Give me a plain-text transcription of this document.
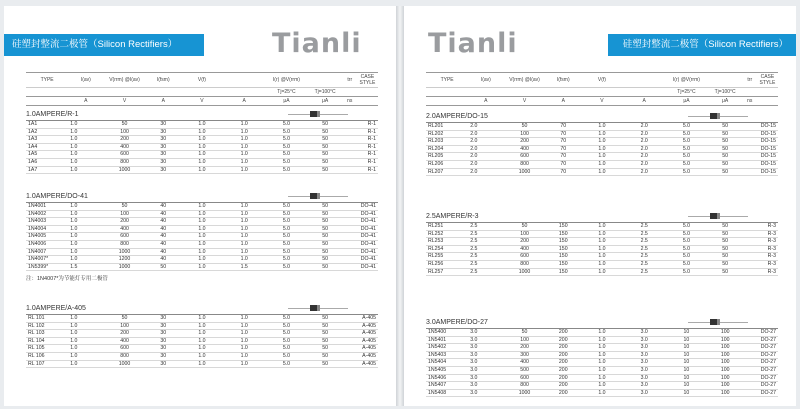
硅塑封整流二极管（Silicon Rectifiers）	Tianli
TYPE	I(av)	V(rrm) @I(av)	I(fsm)	V(f)		I(r) @V(rrm)		trr	CASE STYLE
						Tj=25°C	Tj=100°C		
	A	V	A	V	A	μA	μA	ns	
1.0AMPERE/R-1
1A1	1.0	50	30	1.0	1.0	5.0	50		R-1
1A2	1.0	100	30	1.0	1.0	5.0	50		R-1
1A3	1.0	200	30	1.0	1.0	5.0	50		R-1
1A4	1.0	400	30	1.0	1.0	5.0	50		R-1
1A5	1.0	600	30	1.0	1.0	5.0	50		R-1
1A6	1.0	800	30	1.0	1.0	5.0	50		R-1
1A7	1.0	1000	30	1.0	1.0	5.0	50		R-1
1.0AMPERE/DO-41
1N4001	1.0	50	40	1.0	1.0	5.0	50		DO-41
1N4002	1.0	100	40	1.0	1.0	5.0	50		DO-41
1N4003	1.0	200	40	1.0	1.0	5.0	50		DO-41
1N4004	1.0	400	40	1.0	1.0	5.0	50		DO-41
1N4005	1.0	600	40	1.0	1.0	5.0	50		DO-41
1N4006	1.0	800	40	1.0	1.0	5.0	50		DO-41
1N4007	1.0	1000	40	1.0	1.0	5.0	50		DO-41
1N4007*	1.0	1200	40	1.0	1.0	5.0	50		DO-41
1N5399*	1.5	1000	50	1.0	1.5	5.0	50		DO-41
注：1N4007*为节能灯专用二极管
1.0AMPERE/A-405
RL 101	1.0	50	30	1.0	1.0	5.0	50		A-405
RL 102	1.0	100	30	1.0	1.0	5.0	50		A-405
RL 103	1.0	200	30	1.0	1.0	5.0	50		A-405
RL 104	1.0	400	30	1.0	1.0	5.0	50		A-405
RL 105	1.0	600	30	1.0	1.0	5.0	50		A-405
RL 106	1.0	800	30	1.0	1.0	5.0	50		A-405
RL 107	1.0	1000	30	1.0	1.0	5.0	50		A-405
硅塑封整流二极管（Silicon Rectifiers）
Tianli
TYPE	I(av)	V(rrm) @I(av)	I(fsm)	V(f)		I(r) @V(rrm)		trr	CASE STYLE
						Tj=25°C	Tj=100°C		
	A	V	A	V	A	μA	μA	ns	
2.0AMPERE/DO-15
RL201	2.0	50	70	1.0	2.0	5.0	50		DO-15
RL202	2.0	100	70	1.0	2.0	5.0	50		DO-15
RL203	2.0	200	70	1.0	2.0	5.0	50		DO-15
RL204	2.0	400	70	1.0	2.0	5.0	50		DO-15
RL205	2.0	600	70	1.0	2.0	5.0	50		DO-15
RL206	2.0	800	70	1.0	2.0	5.0	50		DO-15
RL207	2.0	1000	70	1.0	2.0	5.0	50		DO-15
2.5AMPERE/R-3
RL251	2.5	50	150	1.0	2.5	5.0	50		R-3
RL252	2.5	100	150	1.0	2.5	5.0	50		R-3
RL253	2.5	200	150	1.0	2.5	5.0	50		R-3
RL254	2.5	400	150	1.0	2.5	5.0	50		R-3
RL255	2.5	600	150	1.0	2.5	5.0	50		R-3
RL256	2.5	800	150	1.0	2.5	5.0	50		R-3
RL257	2.5	1000	150	1.0	2.5	5.0	50		R-3
3.0AMPERE/DO-27
1N5400	3.0	50	200	1.0	3.0	10	100		DO-27
1N5401	3.0	100	200	1.0	3.0	10	100		DO-27
1N5402	3.0	200	200	1.0	3.0	10	100		DO-27
1N5403	3.0	300	200	1.0	3.0	10	100		DO-27
1N5404	3.0	400	200	1.0	3.0	10	100		DO-27
1N5405	3.0	500	200	1.0	3.0	10	100		DO-27
1N5406	3.0	600	200	1.0	3.0	10	100		DO-27
1N5407	3.0	800	200	1.0	3.0	10	100		DO-27
1N5408	3.0	1000	200	1.0	3.0	10	100		DO-27
